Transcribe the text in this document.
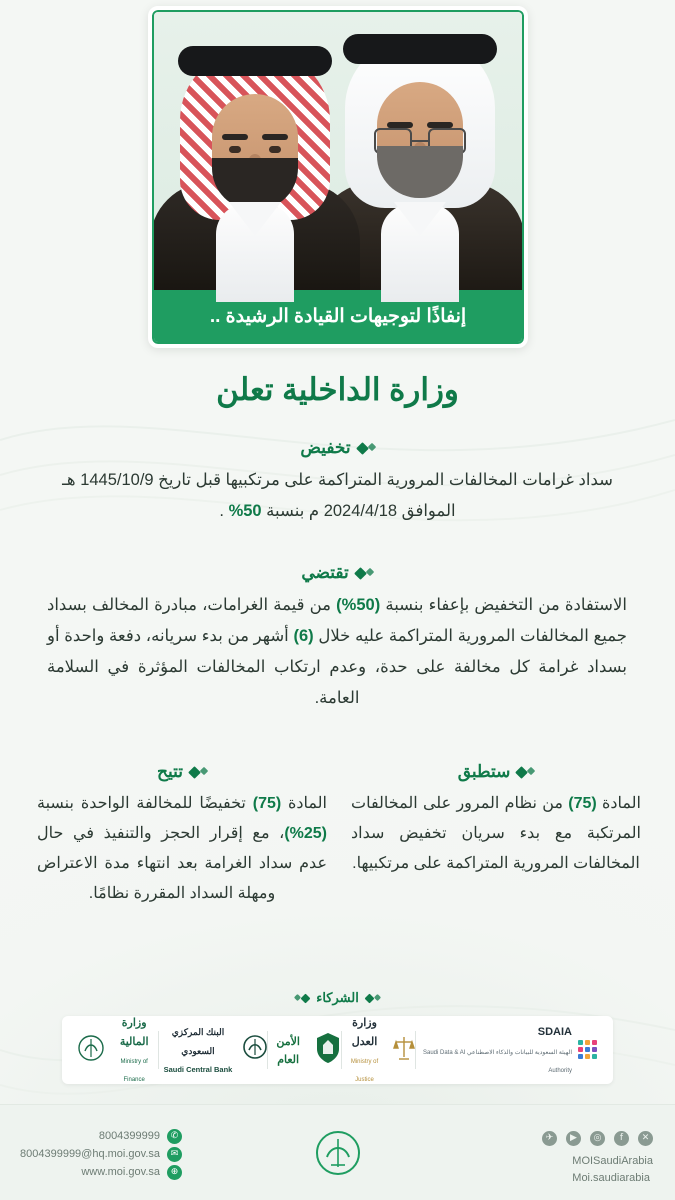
إنفاذًا لتوجيهات القيادة الرشيدة ..
وزارة الداخلية تعلن
تخفيض
سداد غرامات المخالفات المرورية المتراكمة على مرتكبيها قبل تاريخ 1445/10/9 هـ الموافق 2024/4/18 م بنسبة 50% .
تقتضي
الاستفادة من التخفيض بإعفاء بنسبة (50%) من قيمة الغرامات، مبادرة المخالف بسداد جميع المخالفات المرورية المتراكمة عليه خلال (6) أشهر من بدء سريانه، دفعة واحدة أو بسداد غرامة كل مخالفة على حدة، وعدم ارتكاب المخالفات المؤثرة في السلامة العامة.
ستطبق
المادة (75) من نظام المرور على المخالفات المرتكبة مع بدء سريان تخفيض سداد المخالفات المرورية المتراكمة على مرتكبيها.
تتيح
المادة (75) تخفيضًا للمخالفة الواحدة بنسبة (25%)، مع إقرار الحجز والتنفيذ في حال عدم سداد الغرامة بعد انتهاء مدة الاعتراض ومهلة السداد المقررة نظامًا.
الشركاء
SDAIA
الهيئة السعودية للبيانات والذكاء الاصطناعي Saudi Data & AI Authority
وزارة العدل
Ministry of Justice
الأمن العام
البنك المركزي السعودي
Saudi Central Bank
وزارة المالية
Ministry of Finance
✕
f
◎
▶
✈
MOISaudiArabia
Moi.saudiarabia
8004399999	✆
8004399999@hq.moi.gov.sa	✉
www.moi.gov.sa	⊕
